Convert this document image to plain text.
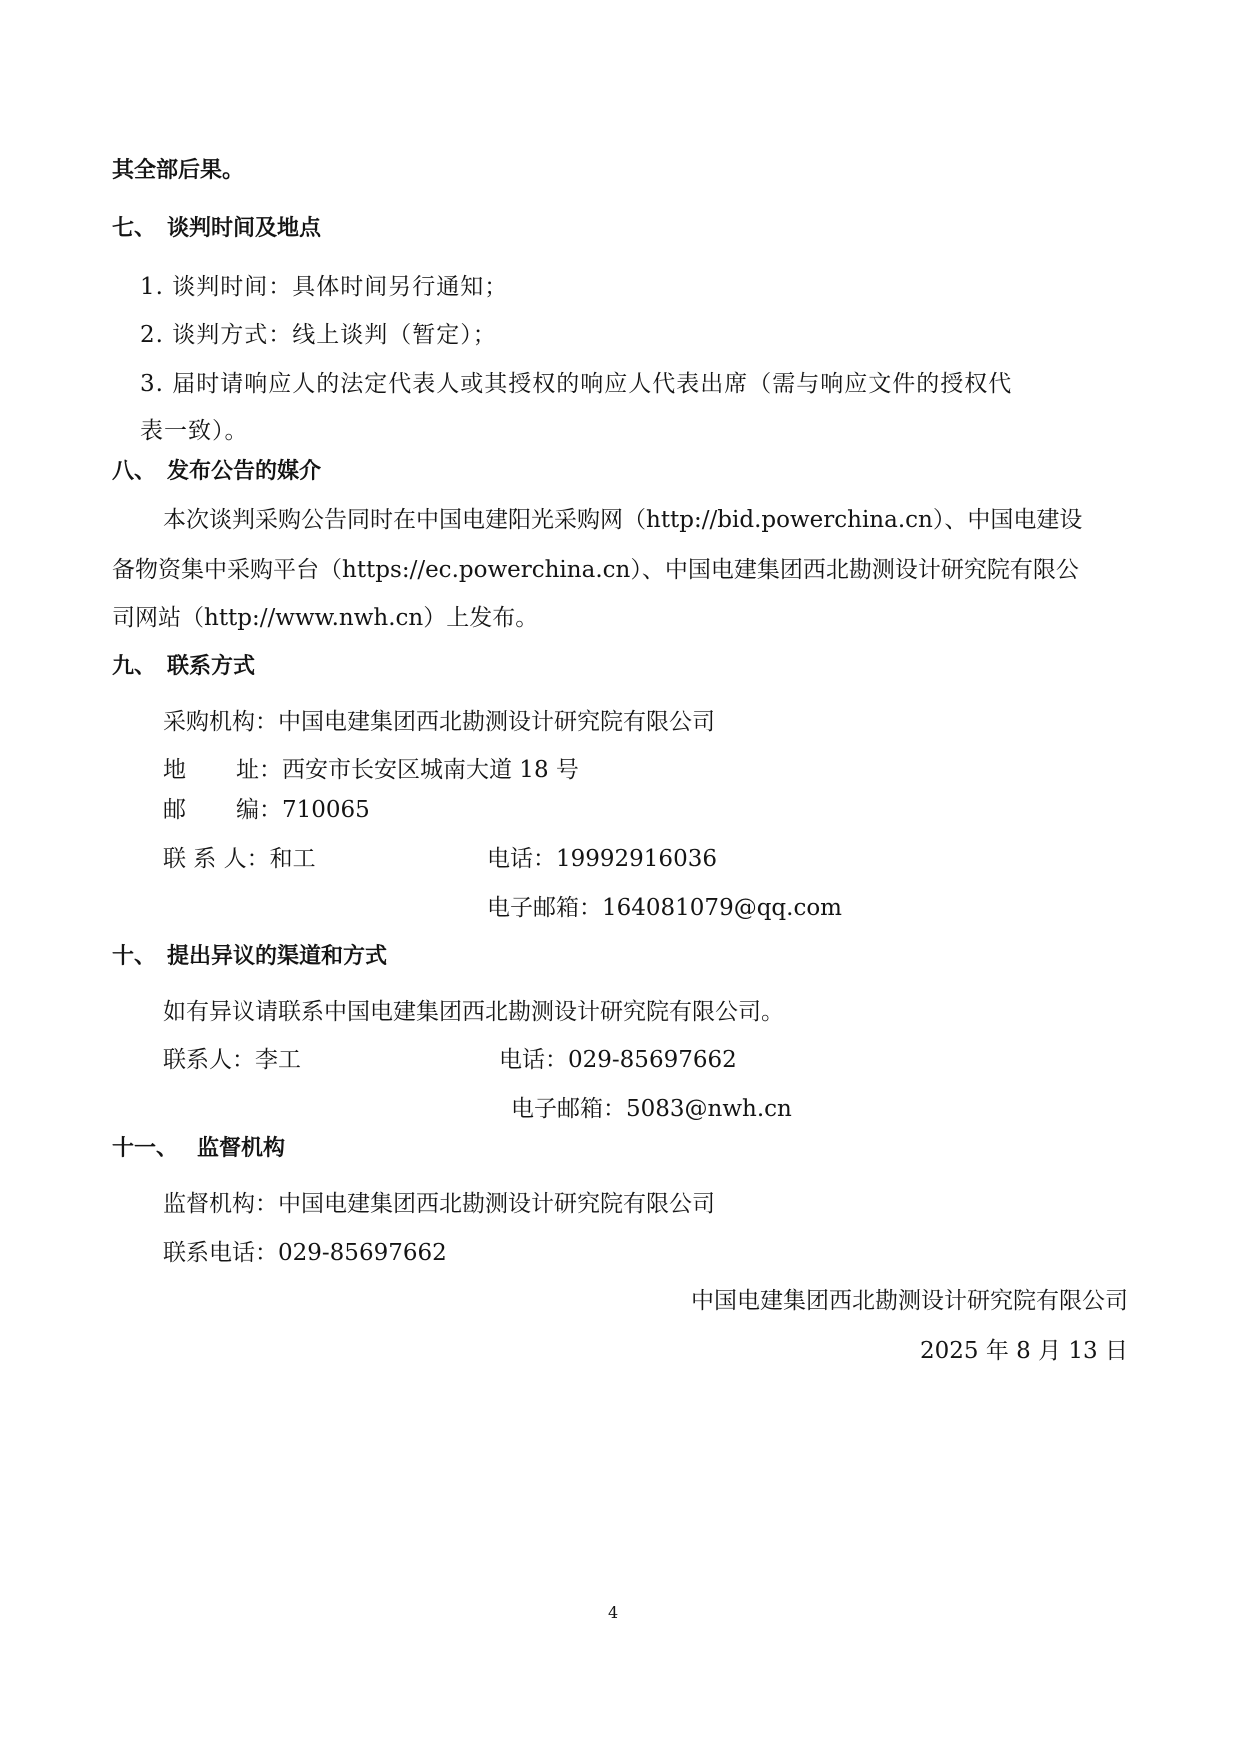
其全部后果。
七、 谈判时间及地点
1. 谈判时间：具体时间另行通知；
2. 谈判方式：线上谈判（暂定）；
3. 届时请响应人的法定代表人或其授权的响应人代表出席（需与响应文件的授权代
表一致）。
八、 发布公告的媒介
本次谈判采购公告同时在中国电建阳光采购网（http://bid.powerchina.cn）、中国电建设
备物资集中采购平台（https://ec.powerchina.cn）、中国电建集团西北勘测设计研究院有限公
司网站（http://www.nwh.cn）上发布。
九、 联系方式
采购机构：中国电建集团西北勘测设计研究院有限公司
地 址：西安市长安区城南大道 18 号
邮 编：710065
联 系 人：和工	电话：19992916036
电子邮箱：164081079@qq.com
十、 提出异议的渠道和方式
如有异议请联系中国电建集团西北勘测设计研究院有限公司。
联系人：李工	电话：029-85697662
电子邮箱：5083@nwh.cn
十一、 监督机构
监督机构：中国电建集团西北勘测设计研究院有限公司
联系电话：029-85697662
中国电建集团西北勘测设计研究院有限公司
2025 年 8 月 13 日
4
